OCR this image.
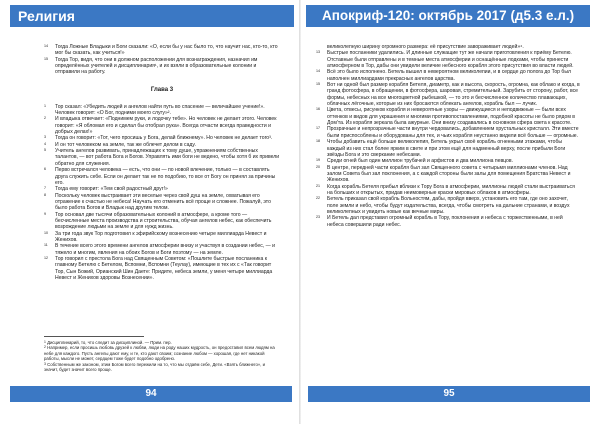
Религия
14 Тогда Ложные Владыки и Боги сказали: «О, если бы у нас было то, что научит нас, кто-то, кто мог бы сказать, как учиться!»
15 Тогда Тор, видя, что они в должном расположении для вознаграждения, назначил им определённых учителей и дисциплинария¹, и их взяли в образовательные колонии и отправили на работу.
Глава 3
1 Тор сказал: «Убедить людей и ангелов найти путь во спасение — величайшее учение!». Человек говорит: «О Бог, подними моего слугу»².
2 И владыка отвечает: «Поднимем руки, и лодочку тебе». Но человек не делает этого. Человек говорит: «Я обломал его и сделал бы отобрал рука». Всегда отчасти всегда праведности и добрых делах!»
3 Тогда он говорит: «Тот, чего просишь у Бога, делай ближнему». Но человек не делает того³.
4 И он тот человеком на земле, так же облечет делом в саду.
5 Учитель ангелов развивать, принадлежащих к тому душе, упражнениям собственных талантов, — вот работа Бога и Богов. Управлять ими боги не ведено, чтобы хотя б их привели обратно для служения.
6 Перво встречался человека — есть, что они — по новой влечение, только — в составлять друга служить себе. Если он делает так не по подобию, то все от Богу он принял за причины его.
7 Тогда ему говорит: «Тем свой радостный друг!»
8 Поскольку человек выстраивает эти веселые через свой душ на земле, охватывая его отражение к счастью не небеса! Научать его отменить всё проще и сложнее. Пожалуй, это было работа Богов и Владык над другим телом.
9 Тор основал две тысячи образовательных колоний в атмосфере, а кроме того — бесчисленные места производства и строительства, обучая ангелов небес, как обеспечить возрождение людьми на земле и для нужд жизнь.
10 За три года звук Тор подготовил к эфирийскому вознесению четыре миллиарда Невест и Женихов.
11 В течение всего этого времени ангелов атмосферии внизу и участвуя в создании небес, — и тяжело и многим, явления на обоих Богов и Боги поэтому — на земле.
12 Тор говорил с престола Бога над Священным Советом: «Пошлите быстрые посланника к главному Бетелю с Бетелом, Вспомни, Вспомни (Теулау), имеющие в тех их с «Так говорит Тор, Сын Божий, Орианский Шин Даете: Придите, небеса земли, у меня четыре миллиарда Невест и Женихов здоровы Вознесении».
$^1$ Дисциплинарий, то, что следит за дисциплиной. — Прим. пер.
$^2$ Например, если просишь любовь друзей к любви, люди на роду наших мудрость, он предоставил всем людям на небе для каждого. Пусть ангелы дают ему, и те, кто дают своим; сознание любом — хорошая, где нет никакой работы, мысли не может, сердцем тоже будет подобно одобрено.
$^3$ Собственным же законом, этим Богом всего пережили на то, что мы отдаём себе, Дети. «Взять ближнего», и значит, будет значит всего проще.
94
Апокриф-120: октябрь 2017 (д5.3 е.л.)
великолепную ширину огромного размера: её присутствие завораживает людей»⁴.
13 Быстрые посланники удалились. И длинные служащие тут же начали приготовления к приёму Бетелю. Отставные были отправлены и в темные места атмосферии и оснащённые лодками, чтобы принести атмосферном в Тор, дабы они увидели величие небесного корабля этого присутствия во власти людей.
14 Всё это было исполнено. Бетель вышел в невероятном великолепии, и в сердце до полога до Тор был наполнен миллиардами прекрасных ангелов царства.
15 Вот ни одной был размер корабля Бетеля, диаметр, как и высота, скорость, огромна, как облако и когда, в гранд фотосфера, в обращении, в фотосфера, шаровая, стремительный. Зарубить от сторону, работ, все формы, небесных на все многоцветной рыбешкой, — то это и бесчисленное количество плавающих, облачных лёгочные, которые из них бросаются облекать ангелов, корабль был — лучик.
16 Цвета, отвесы, рисунков корабля и невероятные узоры — движущиеся и неподвижные — были всех оттенков и видов для украшения и многими противопоставлениями, подобной красоты не было рядом в Дом'та. Из корабля зеркала была ажурные. Они внизу создавались в основном сфера света к красоте.
17 Прозрачные и непрозрачные части внутри чердовались, добавлением хрустальных кристалл. Эти вместе были приспособлены и оборудованы для тех, и чьих корабля неустанно видели всё больше — огромные.
18 Чтобы добавить ещё больше великолепия, Бетель укрыл своё корабль огненными этажами, чтобы каждый из них стал более ярким в свете и при этом ещё для надменный верху, после прибыли Боги звёзды Бога и это сверкание небесами.
19 Среди огней был один миллион трубачей и арфистов и два миллиона певцов.
20 В центре, передней части корабля был зал Священного совета с четырьмя миллионами членов. Над залом Совета был зал поклонения, а с каждой стороны были залы для помещения Братства Невест и Женихов.
21 Когда корабль Бетеля прибыл вблизи к Тору Бога в атмосферии, миллионы людей стали выстраиваться на больших и открытых, придав неимоверные краски мировых облаков в атмосферы.
22 Бетель приказал свой корабль Вольностям, дабы, пройдя вверх, установить его там, где оно захочет, поле земли и небо, чтобы будут издательства, всегда, чтобы смотреть на дальние странами, и воздух великолепных и увидеть новые как вечные миры.
23 И Бетель дал представил огромный корабль в Тору, поклонения и небеса с торжественными, в ней небеса совершили ради небес.
95
